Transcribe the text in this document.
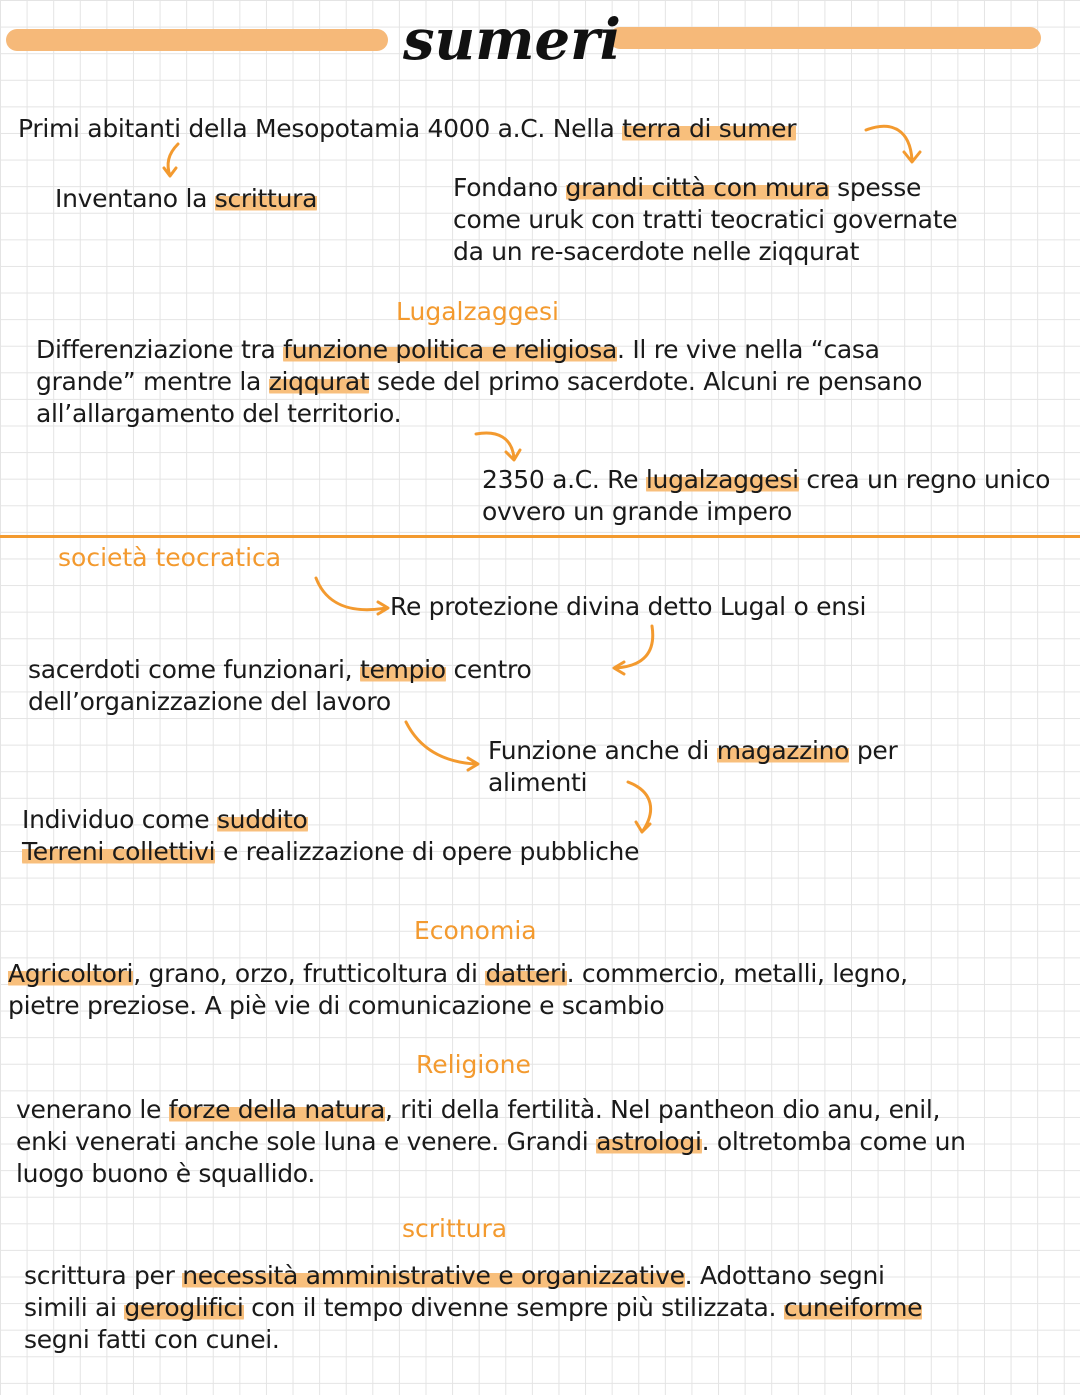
sumeri
Primi abitanti della Mesopotamia 4000 a.C. Nella terra di sumer
Inventano la scrittura	Fondano grandi città con mura spesse
come uruk con tratti teocratici governate
da un re-sacerdote nelle ziqqurat
Lugalzaggesi
Differenziazione tra funzione politica e religiosa. Il re vive nella “casa
grande” mentre la ziqqurat sede del primo sacerdote. Alcuni re pensano
all’allargamento del territorio.
2350 a.C. Re lugalzaggesi crea un regno unico
ovvero un grande impero
società teocratica
Re protezione divina detto Lugal o ensi
sacerdoti come funzionari, tempio centro
dell’organizzazione del lavoro
Funzione anche di magazzino per
alimenti
Individuo come suddito
Terreni collettivi e realizzazione di opere pubbliche
Economia
Agricoltori, grano, orzo, frutticoltura di datteri. commercio, metalli, legno,
pietre preziose. A piè vie di comunicazione e scambio
Religione
venerano le forze della natura, riti della fertilità. Nel pantheon dio anu, enil,
enki venerati anche sole luna e venere. Grandi astrologi. oltretomba come un
luogo buono è squallido.
scrittura
scrittura per necessità amministrative e organizzative. Adottano segni
simili ai geroglifici con il tempo divenne sempre più stilizzata. cuneiforme
segni fatti con cunei.
